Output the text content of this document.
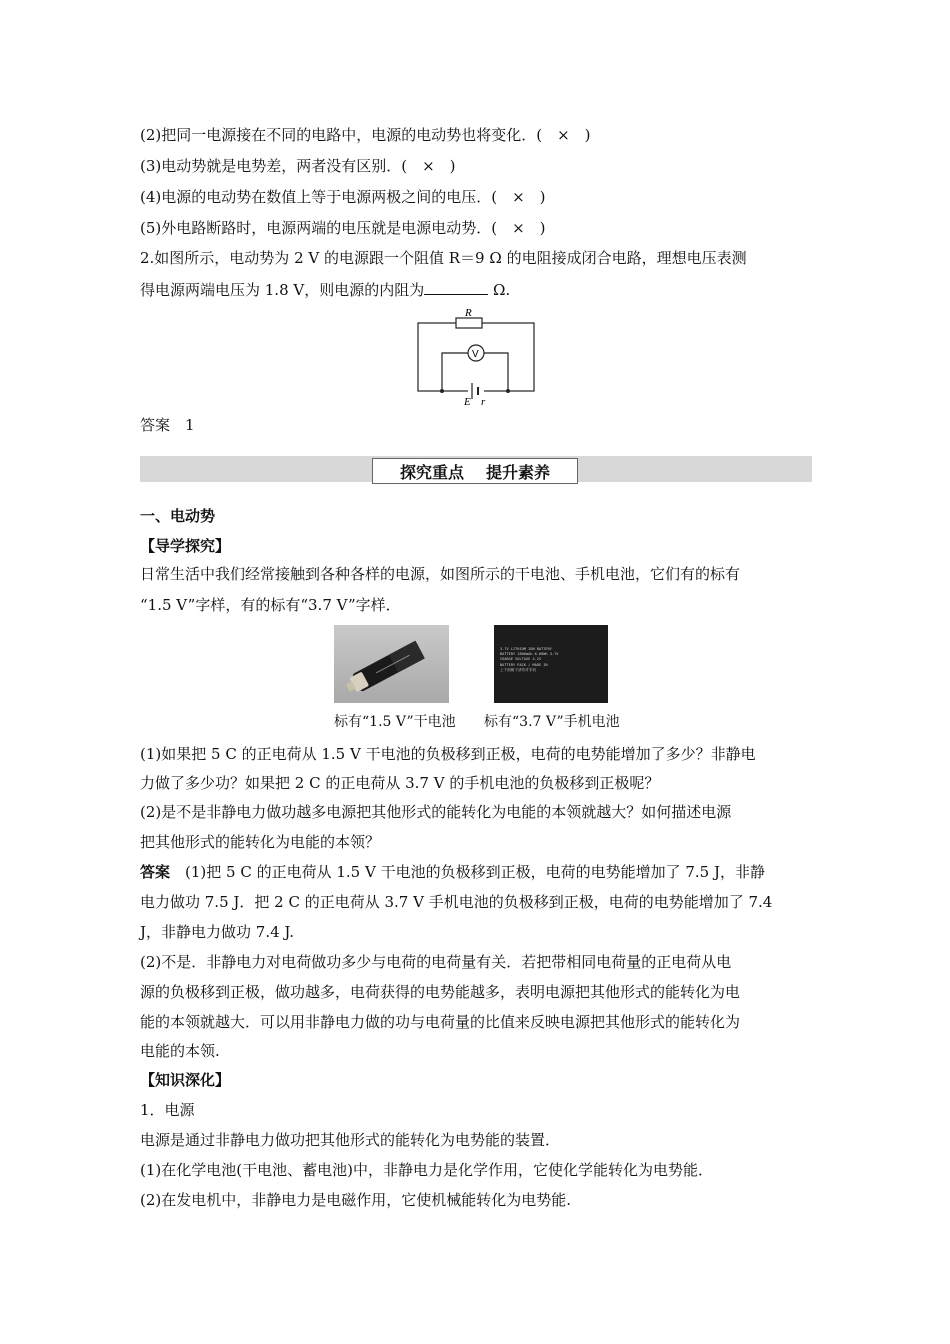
(2)把同一电源接在不同的电路中，电源的电动势也将变化．(　×　)
(3)电动势就是电势差，两者没有区别．(　×　)
(4)电源的电动势在数值上等于电源两极之间的电压．(　×　)
(5)外电路断路时，电源两端的电压就是电源电动势．(　×　)
2.如图所示，电动势为 2 V 的电源跟一个阻值 R＝9 Ω 的电阻接成闭合电路，理想电压表测
得电源两端电压为 1.8 V，则电源的内阻为	Ω.
R
V
E r
答案　1
探究重点 提升素养
一、电动势
【导学探究】
日常生活中我们经常接触到各种各样的电源，如图所示的干电池、手机电池，它们有的标有
“1.5 V”字样，有的标有“3.7 V”字样．
3.7V LITHIUM ION BATTERY
BATTERY 1800mAh 6.66Wh 3.7V
CHARGE VOLTAGE 4.2V
BATTERY PACK / MADE IN
上下面朝下请勿对手机
标有“1.5 V”干电池 标有“3.7 V”手机电池
(1)如果把 5 C 的正电荷从 1.5 V 干电池的负极移到正极，电荷的电势能增加了多少？非静电
力做了多少功？如果把 2 C 的正电荷从 3.7 V 的手机电池的负极移到正极呢？
(2)是不是非静电力做功越多电源把其他形式的能转化为电能的本领就越大？如何描述电源
把其他形式的能转化为电能的本领？
答案　(1)把 5 C 的正电荷从 1.5 V 干电池的负极移到正极，电荷的电势能增加了 7.5 J，非静
电力做功 7.5 J．把 2 C 的正电荷从 3.7 V 手机电池的负极移到正极，电荷的电势能增加了 7.4
J，非静电力做功 7.4 J.
(2)不是．非静电力对电荷做功多少与电荷的电荷量有关．若把带相同电荷量的正电荷从电
源的负极移到正极，做功越多，电荷获得的电势能越多，表明电源把其他形式的能转化为电
能的本领就越大．可以用非静电力做的功与电荷量的比值来反映电源把其他形式的能转化为
电能的本领.
【知识深化】
1．电源
电源是通过非静电力做功把其他形式的能转化为电势能的装置．
(1)在化学电池(干电池、蓄电池)中，非静电力是化学作用，它使化学能转化为电势能．
(2)在发电机中，非静电力是电磁作用，它使机械能转化为电势能.
